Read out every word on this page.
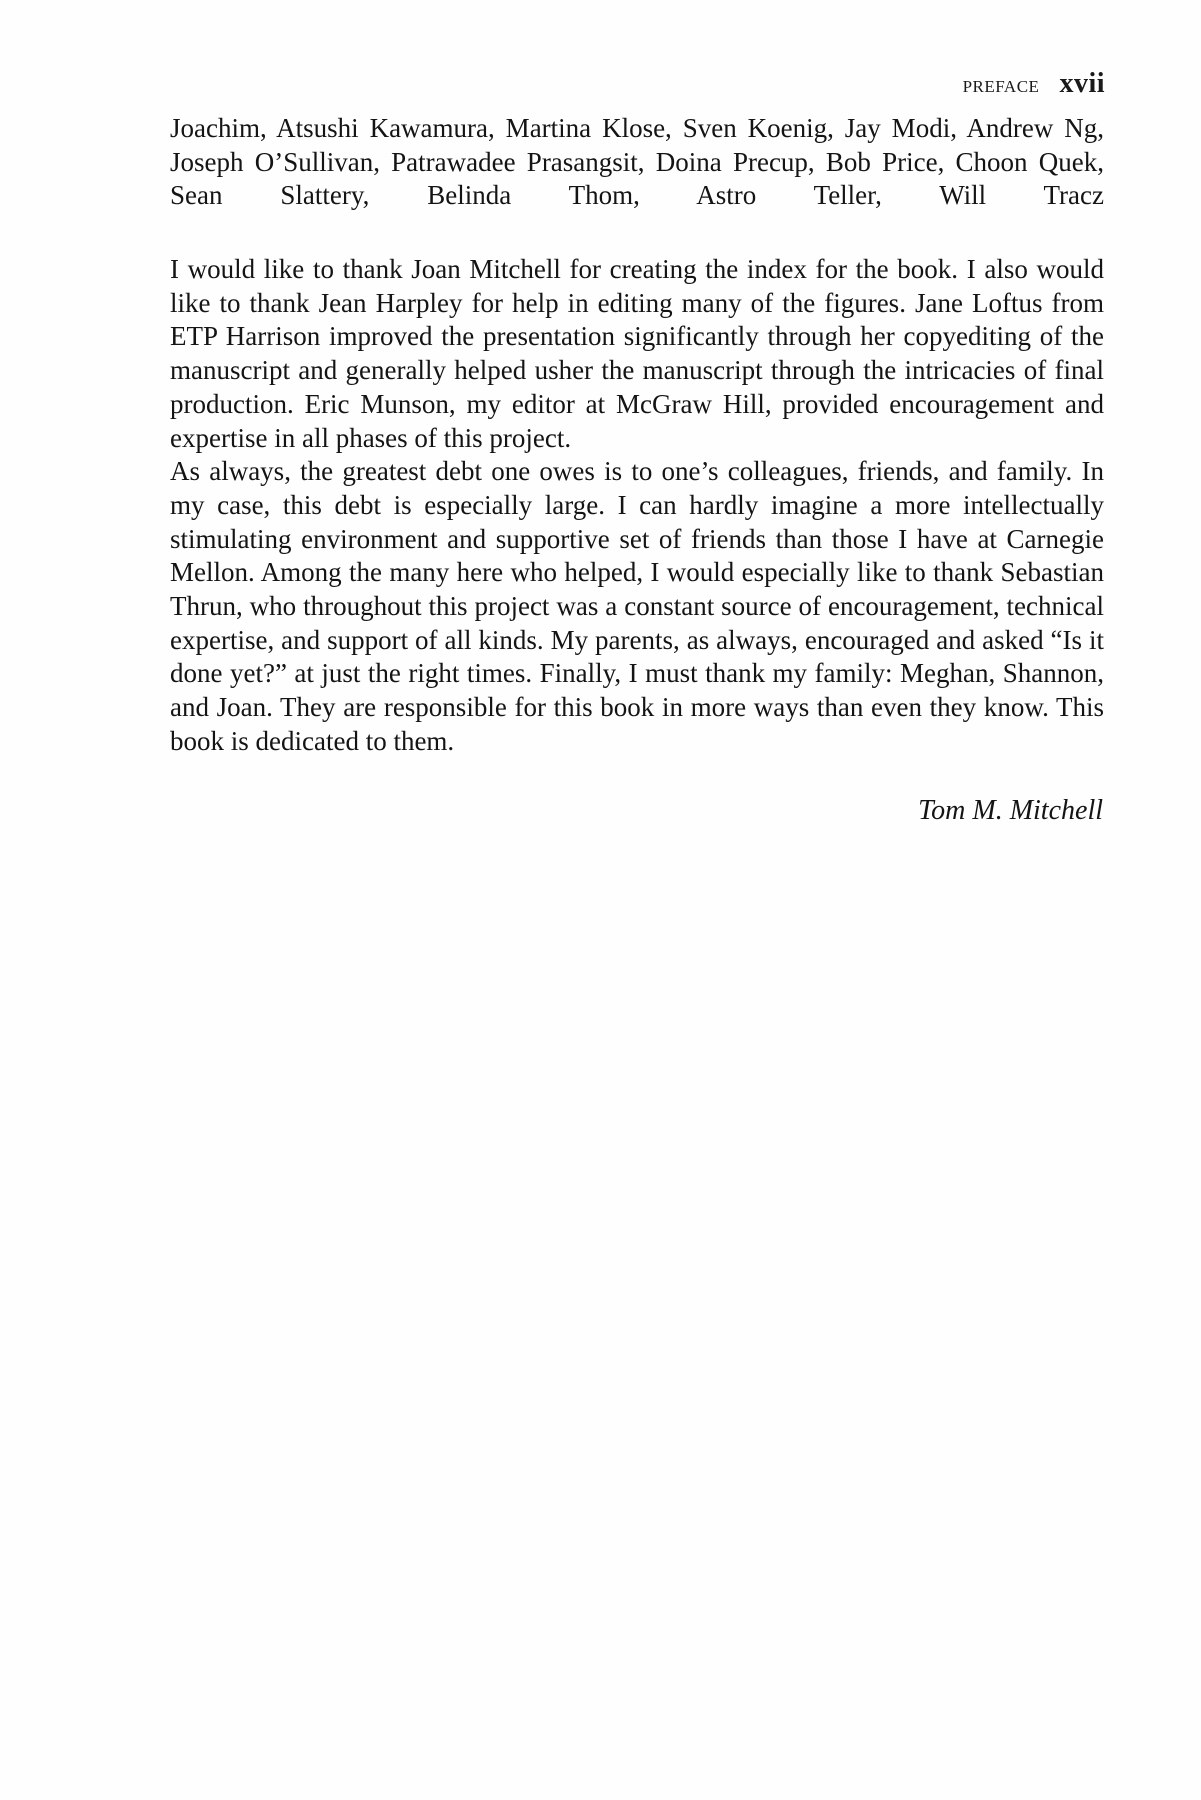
PREFACE xvii

Joachim, Atsushi Kawamura, Martina Klose, Sven Koenig, Jay Modi, Andrew Ng, Joseph O’Sullivan, Patrawadee Prasangsit, Doina Precup, Bob Price, Choon Quek, Sean Slattery, Belinda Thom, Astro Teller, Will Tracz

I would like to thank Joan Mitchell for creating the index for the book. I also would like to thank Jean Harpley for help in editing many of the figures. Jane Loftus from ETP Harrison improved the presentation significantly through her copyediting of the manuscript and generally helped usher the manuscript through the intricacies of final production. Eric Munson, my editor at McGraw Hill, provided encouragement and expertise in all phases of this project.

As always, the greatest debt one owes is to one’s colleagues, friends, and family. In my case, this debt is especially large. I can hardly imagine a more intellectually stimulating environment and supportive set of friends than those I have at Carnegie Mellon. Among the many here who helped, I would especially like to thank Sebastian Thrun, who throughout this project was a constant source of encouragement, technical expertise, and support of all kinds. My parents, as always, encouraged and asked “Is it done yet?” at just the right times. Finally, I must thank my family: Meghan, Shannon, and Joan. They are responsible for this book in more ways than even they know. This book is dedicated to them.

Tom M. Mitchell
